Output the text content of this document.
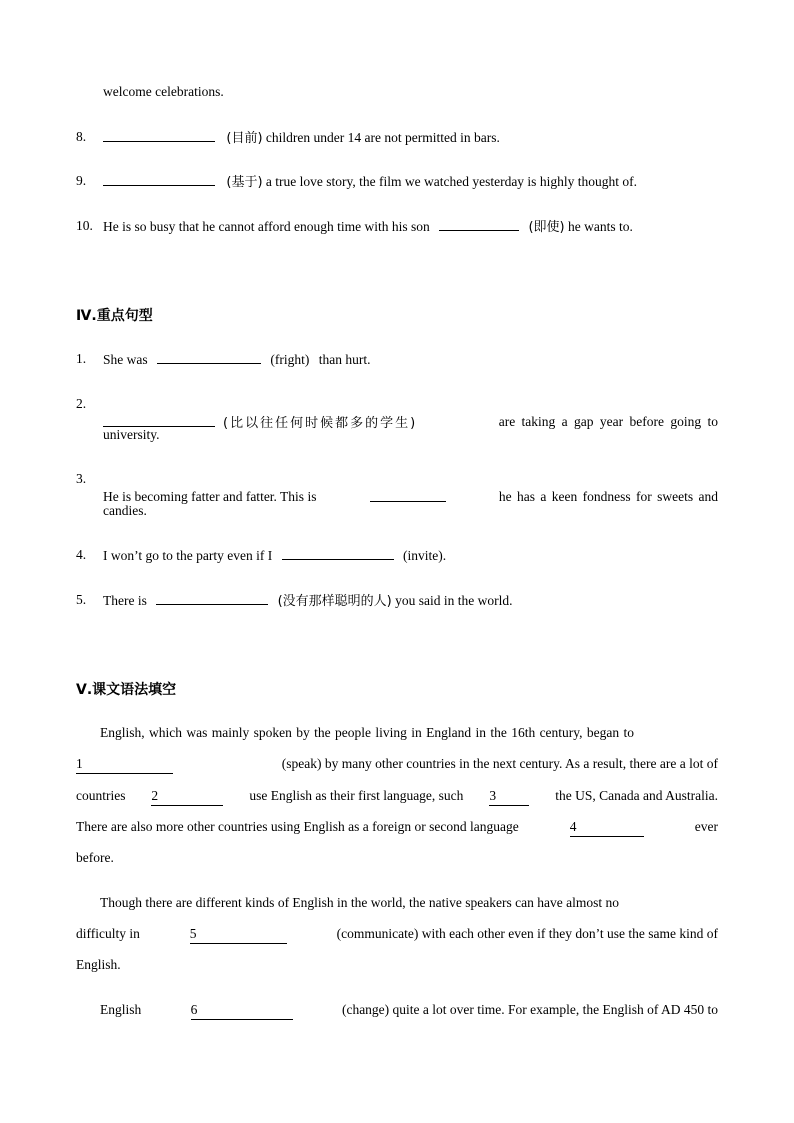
welcome celebrations.
8.	(目前) children under 14 are not permitted in bars.
9.	(基于) a true love story, the film we watched yesterday is highly thought of.
10. He is so busy that he cannot afford enough time with his son	(即使) he wants to.
Ⅳ.重点句型
1. She was	(fright) than hurt.
2.
(比以往任何时候都多的学生)	are taking a gap year before going to
university.
3.
He is becoming fatter and fatter. This is	he has a keen fondness for sweets and
candies.
4. I won’t go to the party even if I	(invite).
5. There is	(没有那样聪明的人) you said in the world.
Ⅴ.课文语法填空
English, which was mainly spoken by the people living in England in the 16th century, began to
1	(speak) by many other countries in the next century. As a result, there are a lot of
countries 2	use English as their first language, such 3	the US, Canada and Australia.
There are also more other countries using English as a foreign or second language	4	ever
before.
Though there are different kinds of English in the world, the native speakers can have almost no
difficulty in	5	(communicate) with each other even if they don’t use the same kind of
English.
English	6	(change) quite a lot over time. For example, the English of AD 450 to
